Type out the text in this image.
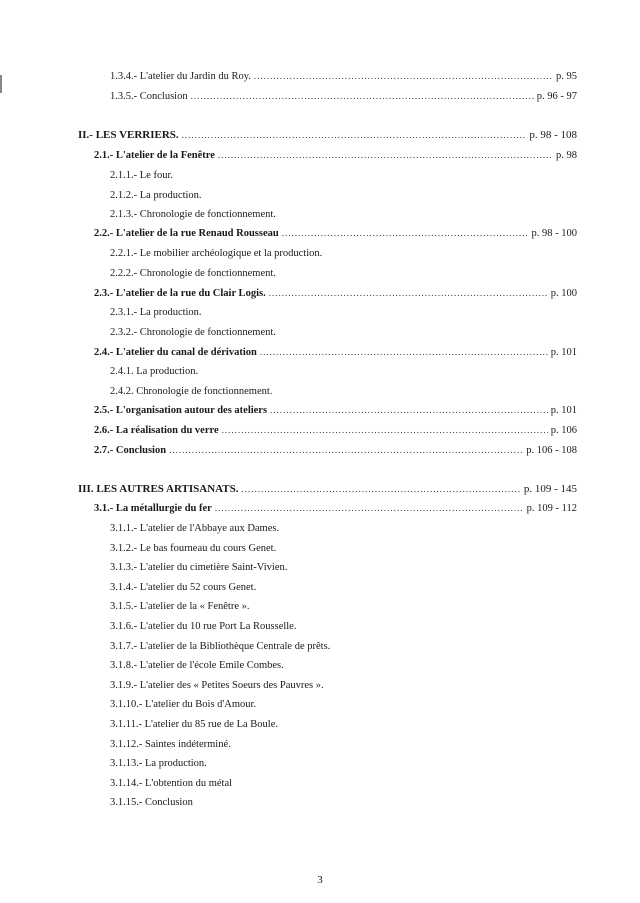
1.3.4.- L'atelier du Jardin du Roy. .....	p. 95
1.3.5.- Conclusion .....	p. 96 - 97
II.- LES VERRIERS. .....	p. 98 - 108
2.1.- L'atelier de la Fenêtre .....	p. 98
2.1.1.- Le four.
2.1.2.- La production.
2.1.3.- Chronologie de fonctionnement.
2.2.- L'atelier de la rue Renaud Rousseau .....	p. 98 - 100
2.2.1.- Le mobilier archéologique et la production.
2.2.2.- Chronologie de fonctionnement.
2.3.- L'atelier de la rue du Clair Logis. .....	p. 100
2.3.1.- La production.
2.3.2.- Chronologie de fonctionnement.
2.4.- L'atelier du canal de dérivation .....	p. 101
2.4.1. La production.
2.4.2. Chronologie de fonctionnement.
2.5.- L'organisation autour des ateliers .....	p. 101
2.6.- La réalisation du verre .....	p. 106
2.7.- Conclusion .....	p. 106 - 108
III. LES AUTRES ARTISANATS. .....	p. 109 - 145
3.1.- La métallurgie du fer .....	p. 109 - 112
3.1.1.- L'atelier de l'Abbaye aux Dames.
3.1.2.- Le bas fourneau du cours Genet.
3.1.3.- L'atelier du cimetière Saint-Vivien.
3.1.4.- L'atelier du 52 cours Genet.
3.1.5.- L'atelier de la « Fenêtre ».
3.1.6.- L'atelier du 10 rue Port La Rousselle.
3.1.7.- L'atelier de la Bibliothèque Centrale de prêts.
3.1.8.- L'atelier de l'école Emile Combes.
3.1.9.- L'atelier des « Petites Soeurs des Pauvres ».
3.1.10.- L'atelier du Bois d'Amour.
3.1.11.- L'atelier du 85 rue de La Boule.
3.1.12.- Saintes indéterminé.
3.1.13.- La production.
3.1.14.- L'obtention du métal
3.1.15.- Conclusion
3
